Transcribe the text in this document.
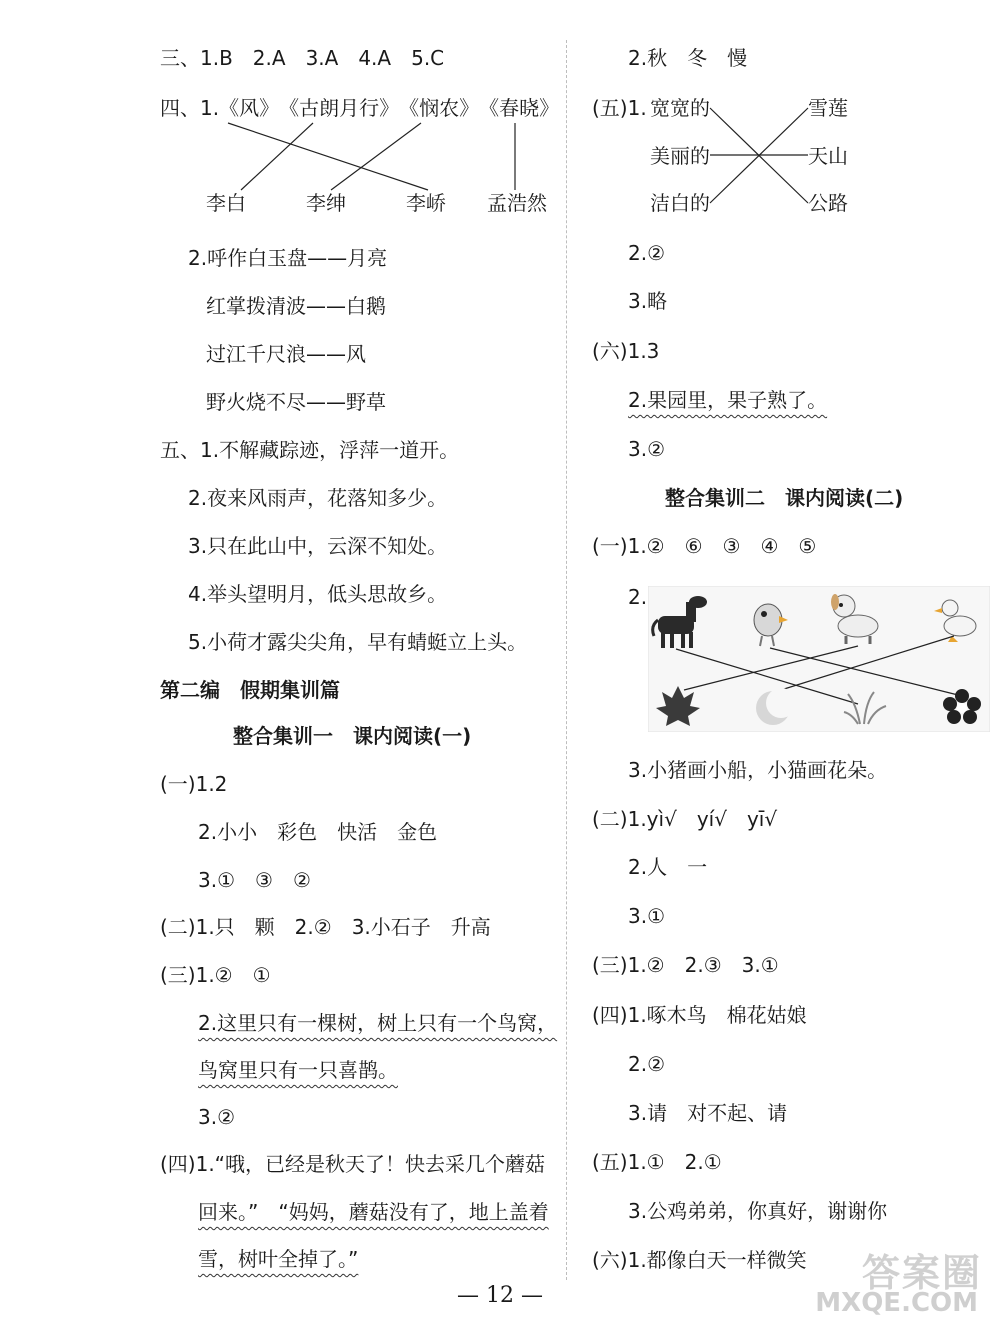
三、1.B　2.A　3.A　4.A　5.C
四、1.《风》　《古朗月行》　《悯农》　《春晓》
李白	李绅	李峤 孟浩然
2.呼作白玉盘——月亮
红掌拨清波——白鹅
过江千尺浪——风
野火烧不尽——野草
五、1.不解藏踪迹，浮萍一道开。
2.夜来风雨声，花落知多少。
3.只在此山中，云深不知处。
4.举头望明月，低头思故乡。
5.小荷才露尖尖角，早有蜻蜓立上头。
第二编　假期集训篇
整合集训一　课内阅读(一)
(一)1.2
2.小小　彩色　快活　金色
3.①　③　②
(二)1.只　颗　2.②　3.小石子　升高
(三)1.②　①
2.这里只有一棵树，树上只有一个鸟窝，
鸟窝里只有一只喜鹊。
3.②
(四)1.“哦，已经是秋天了！快去采几个蘑菇
回来。”　“妈妈，蘑菇没有了，地上盖着
雪，树叶全掉了。”
2.秋　冬　慢
(五)1. 宽宽的
美丽的
洁白的
雪莲
天山
公路
2.②
3.略
(六)1.3
2.果园里，果子熟了。
3.②
整合集训二　课内阅读(二)
(一)1.②　⑥　③　④　⑤
2.
3.小猪画小船，小猫画花朵。
(二)1.yì√　yí√　yī√
2.人　一
3.①
(三)1.②　2.③　3.①
(四)1.啄木鸟　棉花姑娘
2.②
3.请　对不起、请
(五)1.①　2.①
3.公鸡弟弟，你真好，谢谢你
(六)1.都像白天一样微笑
— 12 —
答案圈
MXQE.COM
